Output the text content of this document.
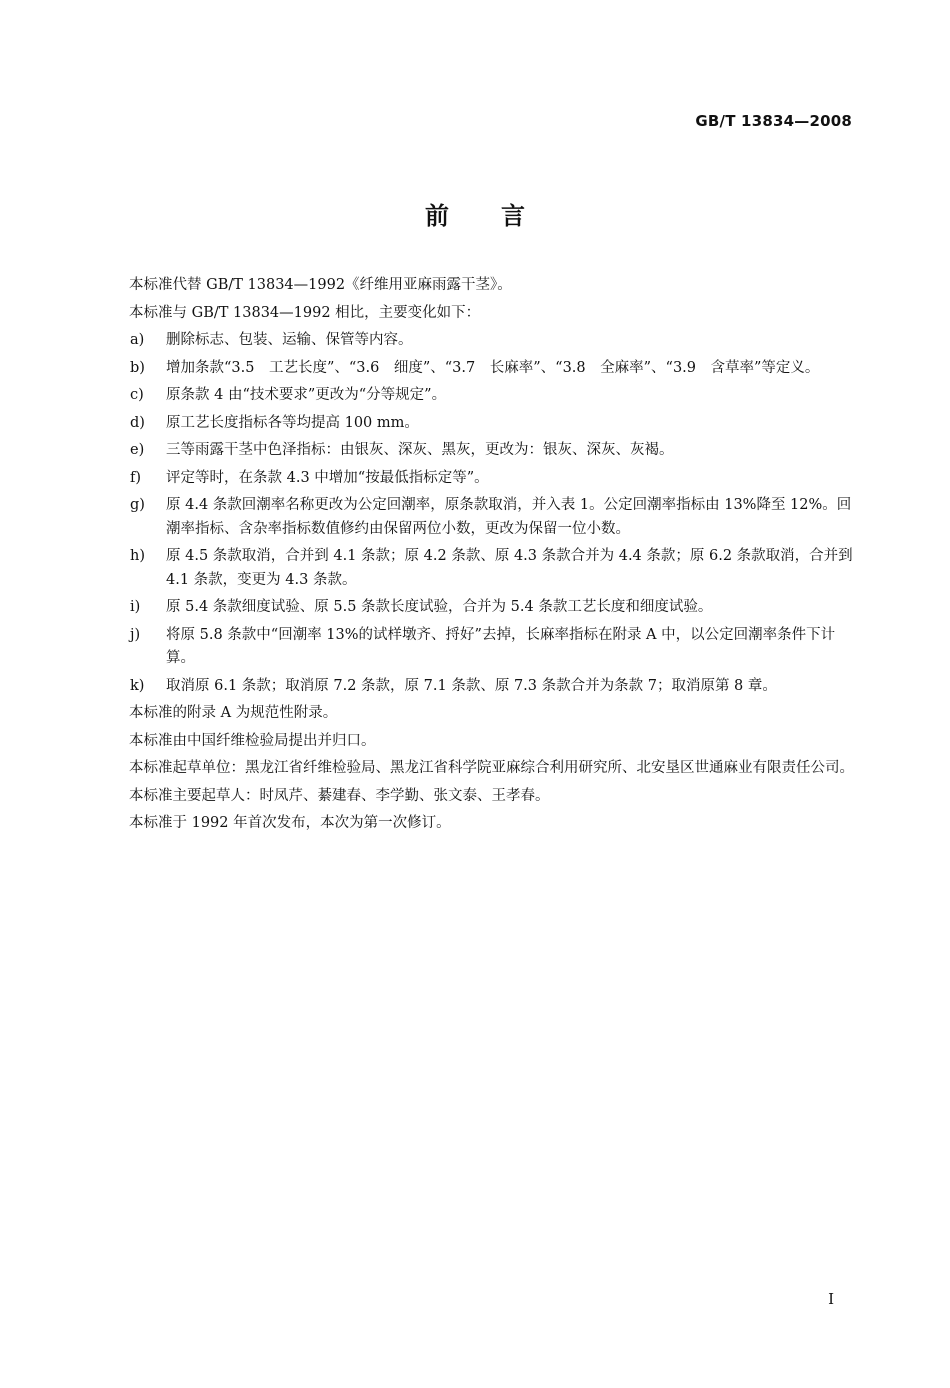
GB/T 13834—2008
前言

本标准代替 GB/T 13834—1992《纤维用亚麻雨露干茎》。

本标准与 GB/T 13834—1992 相比，主要变化如下：

a)	删除标志、包装、运输、保管等内容。
b)	增加条款“3.5　工艺长度”、“3.6　细度”、“3.7　长麻率”、“3.8　全麻率”、“3.9　含草率”等定义。
c)	原条款 4 由“技术要求”更改为“分等规定”。
d)	原工艺长度指标各等均提高 100 mm。
e)	三等雨露干茎中色泽指标：由银灰、深灰、黑灰，更改为：银灰、深灰、灰褐。
f)	评定等时，在条款 4.3 中增加“按最低指标定等”。
g)	原 4.4 条款回潮率名称更改为公定回潮率，原条款取消，并入表 1。公定回潮率指标由 13%降至 12%。回潮率指标、含杂率指标数值修约由保留两位小数，更改为保留一位小数。
h)	原 4.5 条款取消，合并到 4.1 条款；原 4.2 条款、原 4.3 条款合并为 4.4 条款；原 6.2 条款取消，合并到 4.1 条款，变更为 4.3 条款。
i)	原 5.4 条款细度试验、原 5.5 条款长度试验，合并为 5.4 条款工艺长度和细度试验。
j)	将原 5.8 条款中“回潮率 13%的试样墩齐、捋好”去掉，长麻率指标在附录 A 中，以公定回潮率条件下计算。
k)	取消原 6.1 条款；取消原 7.2 条款，原 7.1 条款、原 7.3 条款合并为条款 7；取消原第 8 章。

本标准的附录 A 为规范性附录。

本标准由中国纤维检验局提出并归口。

本标准起草单位：黑龙江省纤维检验局、黑龙江省科学院亚麻综合利用研究所、北安垦区世通麻业有限责任公司。

本标准主要起草人：时凤芹、綦建春、李学勤、张文泰、王孝春。

本标准于 1992 年首次发布，本次为第一次修订。

I
